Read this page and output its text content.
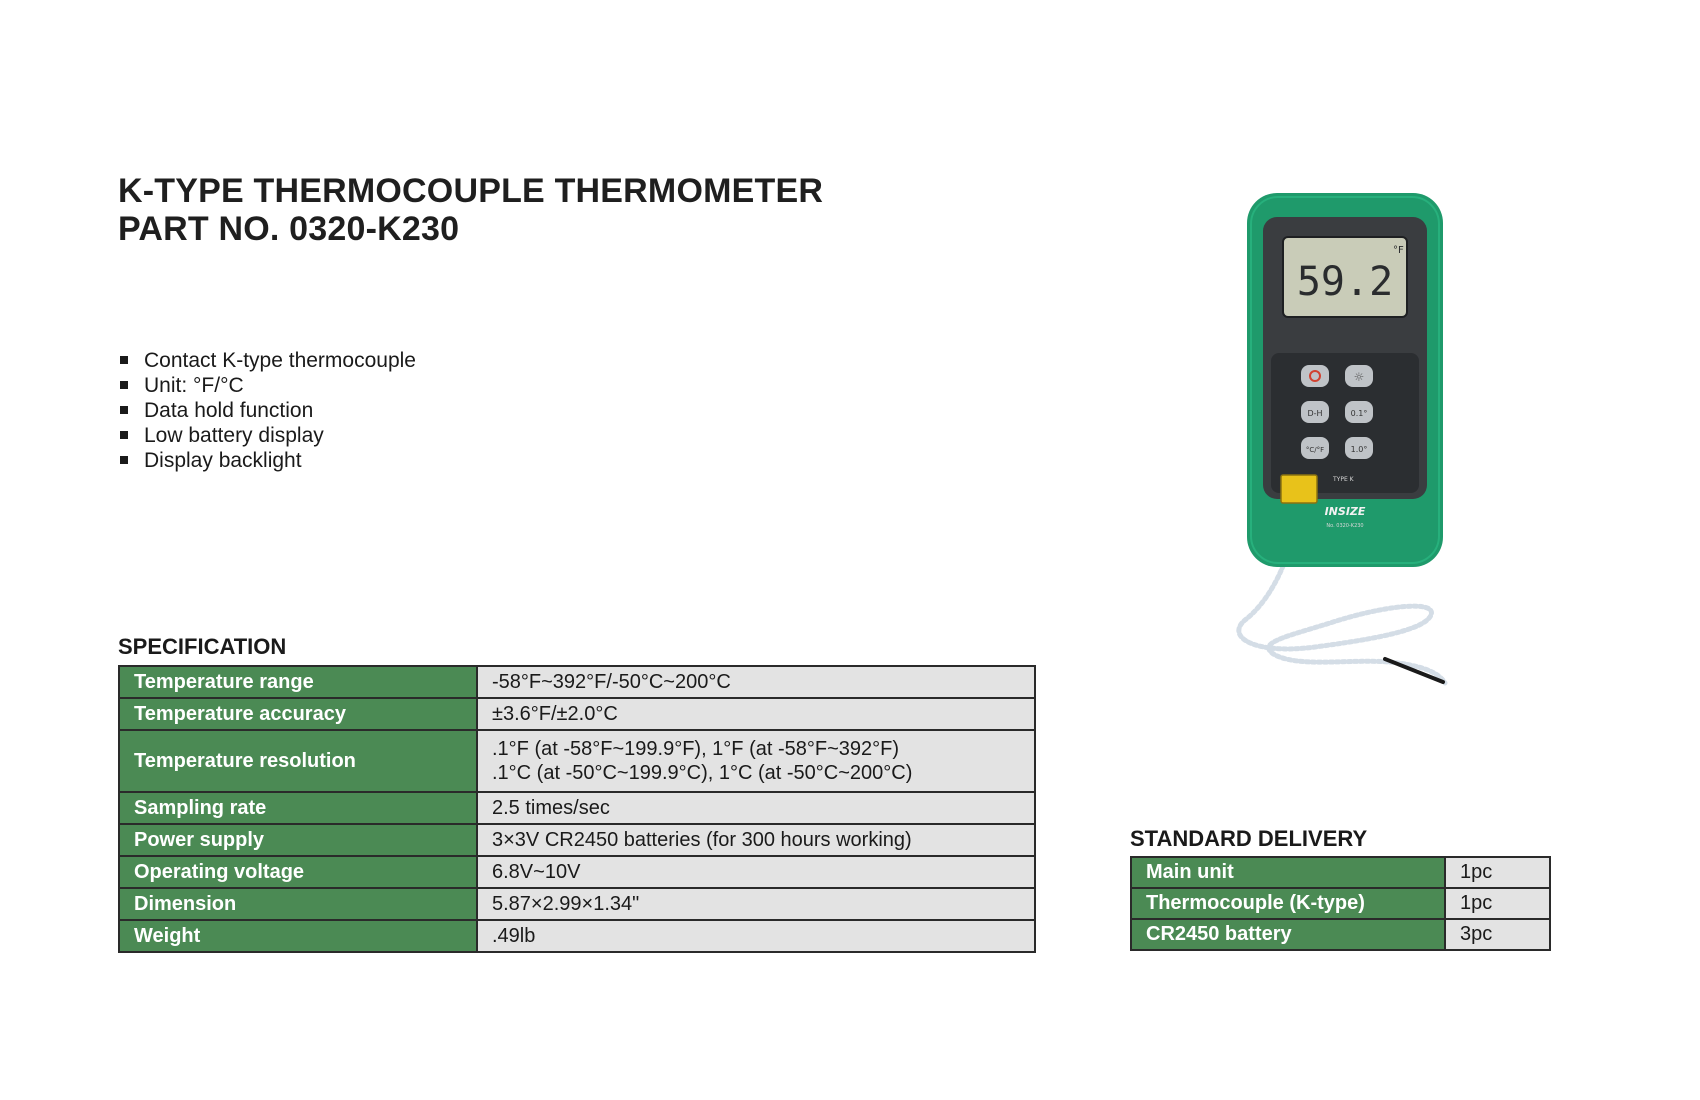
K-TYPE THERMOCOUPLE THERMOMETER
PART NO. 0320-K230
Contact K-type thermocouple
Unit: °F/°C
Data hold function
Low battery display
Display backlight
SPECIFICATION
Temperature range	-58°F~392°F/-50°C~200°C
Temperature accuracy	±3.6°F/±2.0°C
Temperature resolution	.1°F (at -58°F~199.9°F), 1°F (at -58°F~392°F)
.1°C (at -50°C~199.9°C), 1°C (at -50°C~200°C)

Sampling rate	2.5 times/sec
Power supply	3×3V CR2450 batteries (for 300 hours working)
Operating voltage	6.8V~10V
Dimension	5.87×2.99×1.34"
Weight	.49lb
STANDARD DELIVERY
Main unit	1pc
Thermocouple (K-type)	1pc
CR2450 battery	3pc
59.2
°F
☼
D-H	0.1°
°C/°F	1.0°
TYPE K
INSIZE
No. 0320-K230
